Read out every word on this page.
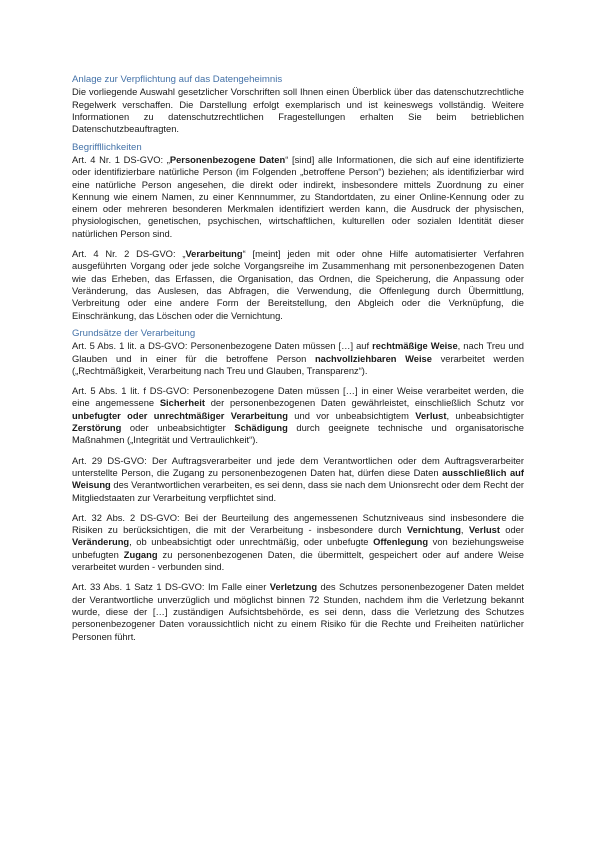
Anlage zur Verpflichtung auf das Datengeheimnis

Die vorliegende Auswahl gesetzlicher Vorschriften soll Ihnen einen Überblick über das datenschutzrechtliche Regelwerk verschaffen. Die Darstellung erfolgt exemplarisch und ist keineswegs vollständig. Weitere Informationen zu datenschutzrechtlichen Fragestellungen erhalten Sie beim betrieblichen Datenschutzbeauftragten.

Begriffllichkeiten

Art. 4 Nr. 1 DS-GVO: „Personenbezogene Daten“ [sind] alle Informationen, die sich auf eine identifizierte oder identifizierbare natürliche Person (im Folgenden „betroffene Person“) beziehen; als identifizierbar wird eine natürliche Person angesehen, die direkt oder indirekt, insbesondere mittels Zuordnung zu einer Kennung wie einem Namen, zu einer Kennnummer, zu Standortdaten, zu einer Online-Kennung oder zu einem oder mehreren besonderen Merkmalen identifiziert werden kann, die Ausdruck der physischen, physiologischen, genetischen, psychischen, wirtschaftlichen, kulturellen oder sozialen Identität dieser natürlichen Person sind.

Art. 4 Nr. 2 DS-GVO: „Verarbeitung“ [meint] jeden mit oder ohne Hilfe automatisierter Verfahren ausgeführten Vorgang oder jede solche Vorgangsreihe im Zusammenhang mit personenbezogenen Daten wie das Erheben, das Erfassen, die Organisation, das Ordnen, die Speicherung, die Anpassung oder Veränderung, das Auslesen, das Abfragen, die Verwendung, die Offenlegung durch Übermittlung, Verbreitung oder eine andere Form der Bereitstellung, den Abgleich oder die Verknüpfung, die Einschränkung, das Löschen oder die Vernichtung.

Grundsätze der Verarbeitung

Art. 5 Abs. 1 lit. a DS-GVO: Personenbezogene Daten müssen […] auf rechtmäßige Weise, nach Treu und Glauben und in einer für die betroffene Person nachvollziehbaren Weise verarbeitet werden („Rechtmäßigkeit, Verarbeitung nach Treu und Glauben, Transparenz“).

Art. 5 Abs. 1 lit. f DS-GVO: Personenbezogene Daten müssen […] in einer Weise verarbeitet werden, die eine angemessene Sicherheit der personenbezogenen Daten gewährleistet, einschließlich Schutz vor unbefugter oder unrechtmäßiger Verarbeitung und vor unbeabsichtigtem Verlust, unbeabsichtigter Zerstörung oder unbeabsichtigter Schädigung durch geeignete technische und organisatorische Maßnahmen („Integrität und Vertraulichkeit“).

Art. 29 DS-GVO: Der Auftragsverarbeiter und jede dem Verantwortlichen oder dem Auftragsverarbeiter unterstellte Person, die Zugang zu personenbezogenen Daten hat, dürfen diese Daten ausschließlich auf Weisung des Verantwortlichen verarbeiten, es sei denn, dass sie nach dem Unionsrecht oder dem Recht der Mitgliedstaaten zur Verarbeitung verpflichtet sind.

Art. 32 Abs. 2 DS-GVO: Bei der Beurteilung des angemessenen Schutzniveaus sind insbesondere die Risiken zu berücksichtigen, die mit der Verarbeitung - insbesondere durch Vernichtung, Verlust oder Veränderung, ob unbeabsichtigt oder unrechtmäßig, oder unbefugte Offenlegung von beziehungsweise unbefugten Zugang zu personenbezogenen Daten, die übermittelt, gespeichert oder auf andere Weise verarbeitet wurden - verbunden sind.

Art. 33 Abs. 1 Satz 1 DS-GVO: Im Falle einer Verletzung des Schutzes personenbezogener Daten meldet der Verantwortliche unverzüglich und möglichst binnen 72 Stunden, nachdem ihm die Verletzung bekannt wurde, diese der […] zuständigen Aufsichtsbehörde, es sei denn, dass die Verletzung des Schutzes personenbezogener Daten voraussichtlich nicht zu einem Risiko für die Rechte und Freiheiten natürlicher Personen führt.
